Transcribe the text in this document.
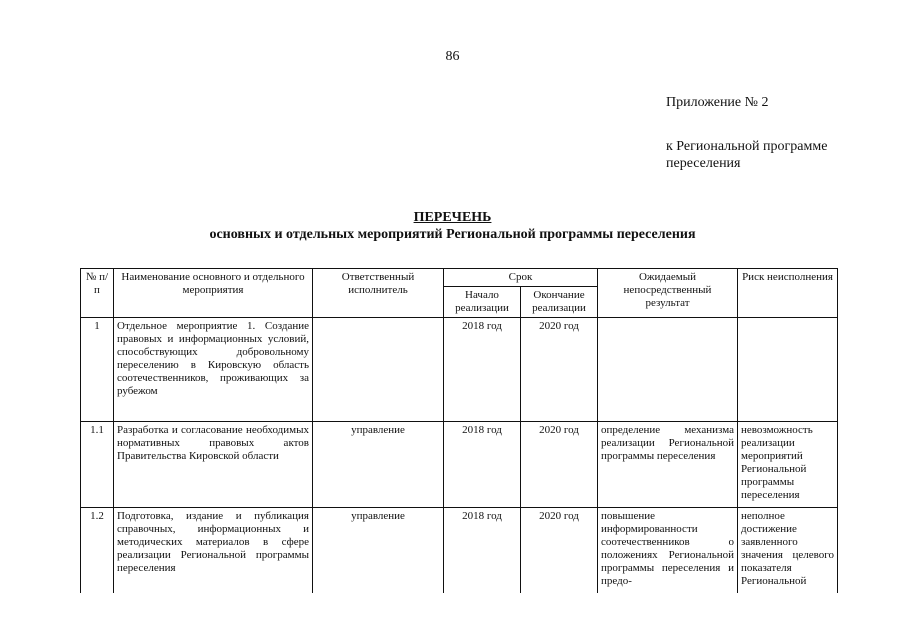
86
Приложение № 2
к Региональной программе
переселения
ПЕРЕЧЕНЬ
основных и отдельных мероприятий Региональной программы переселения
№ п/п	Наименование основного и отдельного мероприятия	Ответственный исполнитель	Срок		Ожидаемый непосредственный результат	Риск неисполнения
			Начало реализации	Окончание реализации		
1	Отдельное мероприятие 1. Создание правовых и информационных условий, способствующих добровольному переселению в Кировскую область соотечественников, проживающих за рубежом		2018 год	2020 год		
1.1	Разработка и согласование необходимых нормативных правовых актов Правительства Кировской области	управление	2018 год	2020 год	определение механизма реализации Региональной программы переселения	невозможность реализации мероприятий Региональной программы переселения
1.2	Подготовка, издание и публикация справочных, информационных и методических материалов в сфере реализации Региональной программы переселения	управление	2018 год	2020 год	повышение информированности соотечественников о положениях Региональной программы переселения и предо-	неполное достижение заявленного значения целевого показателя Региональной
